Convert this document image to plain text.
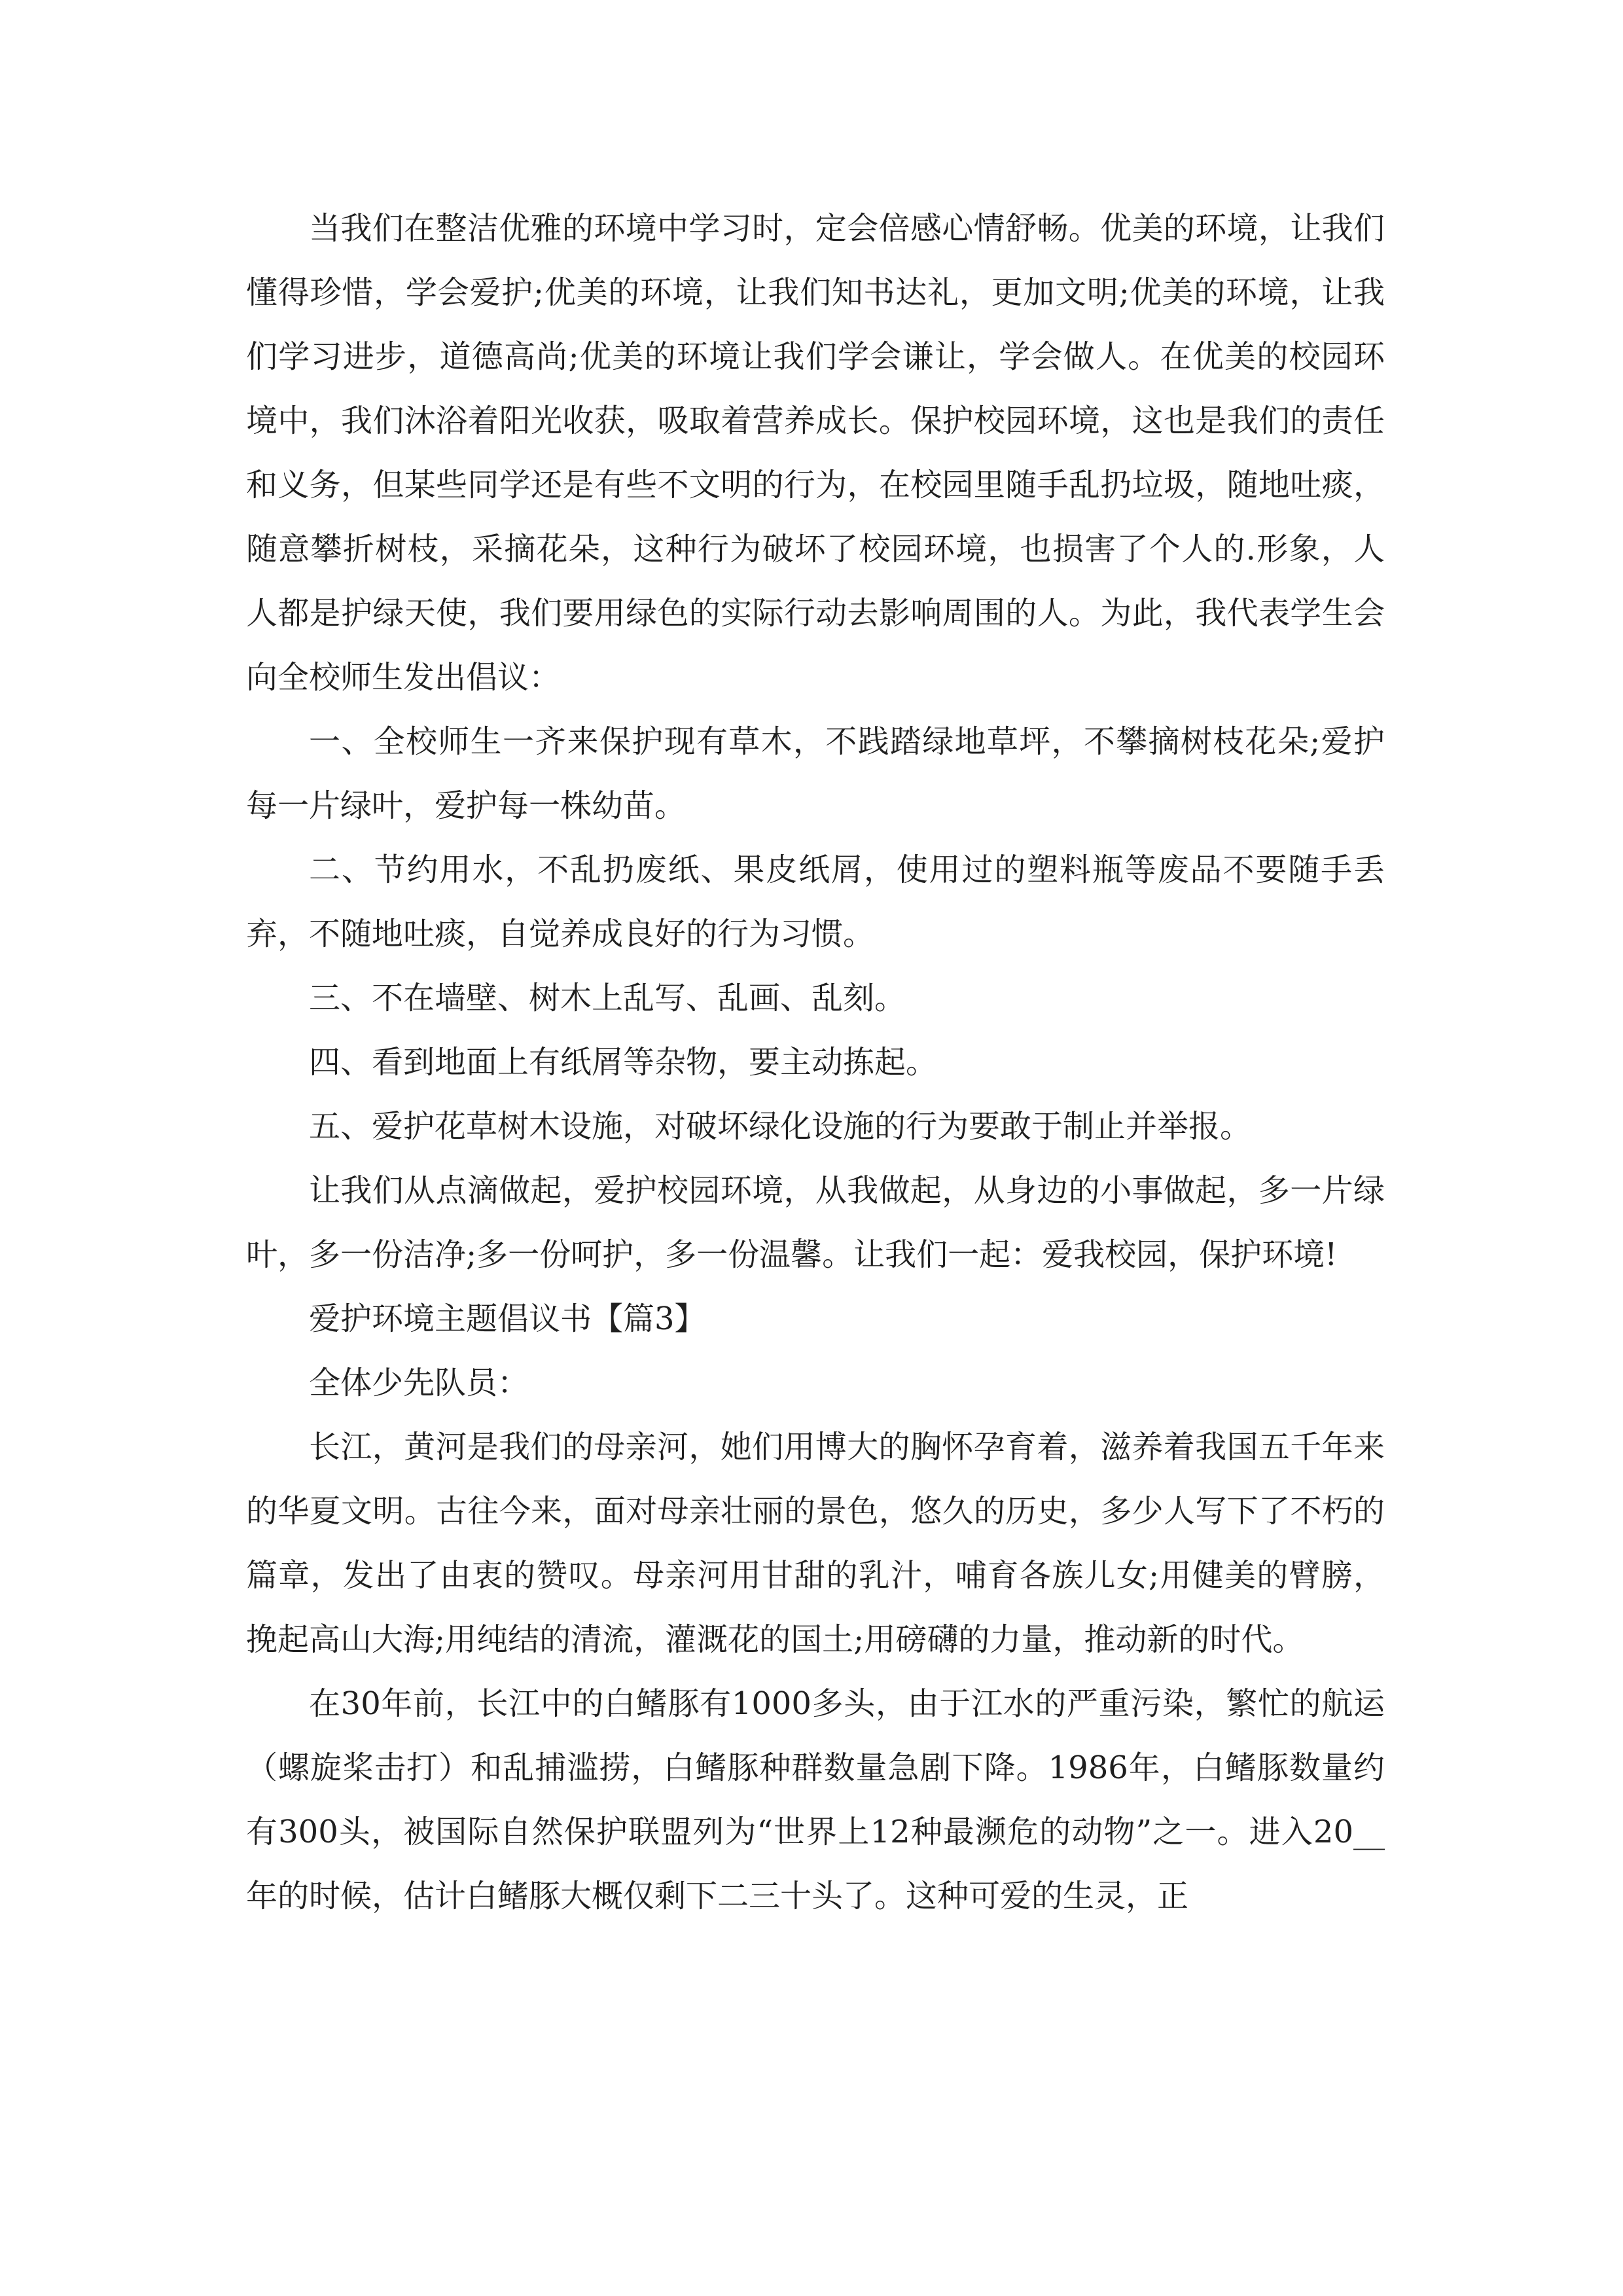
当我们在整洁优雅的环境中学习时，定会倍感心情舒畅。优美的环境，让我们懂得珍惜，学会爱护;优美的环境，让我们知书达礼，更加文明;优美的环境，让我们学习进步，道德高尚;优美的环境让我们学会谦让，学会做人。在优美的校园环境中，我们沐浴着阳光收获，吸取着营养成长。保护校园环境，这也是我们的责任和义务，但某些同学还是有些不文明的行为，在校园里随手乱扔垃圾，随地吐痰，随意攀折树枝，采摘花朵，这种行为破坏了校园环境，也损害了个人的.形象，人人都是护绿天使，我们要用绿色的实际行动去影响周围的人。为此，我代表学生会向全校师生发出倡议：

一、全校师生一齐来保护现有草木，不践踏绿地草坪，不攀摘树枝花朵;爱护每一片绿叶，爱护每一株幼苗。

二、节约用水，不乱扔废纸、果皮纸屑，使用过的塑料瓶等废品不要随手丢弃，不随地吐痰，自觉养成良好的行为习惯。

三、不在墙壁、树木上乱写、乱画、乱刻。

四、看到地面上有纸屑等杂物，要主动拣起。

五、爱护花草树木设施，对破坏绿化设施的行为要敢于制止并举报。

让我们从点滴做起，爱护校园环境，从我做起，从身边的小事做起，多一片绿叶，多一份洁净;多一份呵护，多一份温馨。让我们一起：爱我校园，保护环境!

爱护环境主题倡议书【篇3】

全体少先队员：

长江，黄河是我们的母亲河，她们用博大的胸怀孕育着，滋养着我国五千年来的华夏文明。古往今来，面对母亲壮丽的景色，悠久的历史，多少人写下了不朽的篇章，发出了由衷的赞叹。母亲河用甘甜的乳汁，哺育各族儿女;用健美的臂膀，挽起高山大海;用纯结的清流，灌溉花的国土;用磅礴的力量，推动新的时代。

在30年前，长江中的白鳍豚有1000多头，由于江水的严重污染，繁忙的航运（螺旋桨击打）和乱捕滥捞，白鳍豚种群数量急剧下降。1986年，白鳍豚数量约有300头，被国际自然保护联盟列为“世界上12种最濒危的动物”之一。进入20__年的时候，估计白鳍豚大概仅剩下二三十头了。这种可爱的生灵，正
